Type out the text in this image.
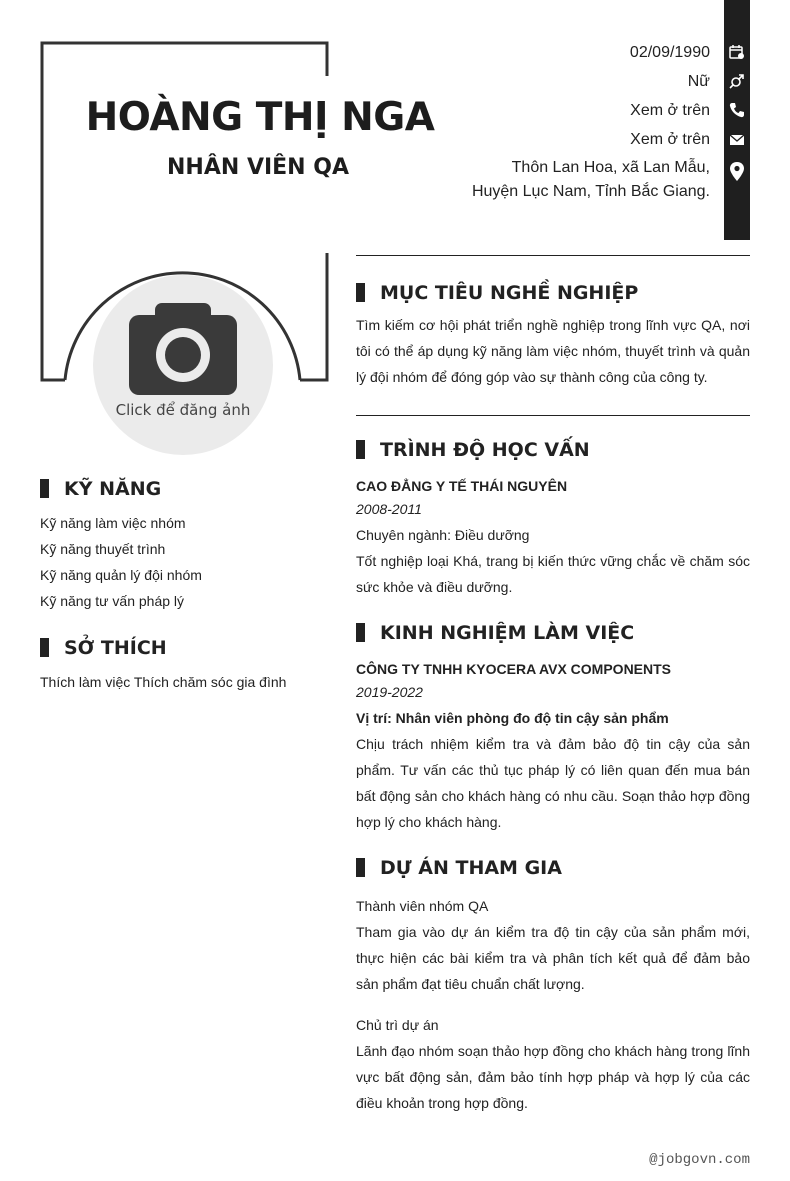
HOÀNG THỊ NGA
NHÂN VIÊN QA
Click để đăng ảnh
02/09/1990
Nữ
Xem ở trên
Xem ở trên
Thôn Lan Hoa, xã Lan Mẫu,
Huyện Lục Nam, Tỉnh Bắc Giang.
KỸ NĂNG
Kỹ năng làm việc nhóm
Kỹ năng thuyết trình
Kỹ năng quản lý đội nhóm
Kỹ năng tư vấn pháp lý
SỞ THÍCH
Thích làm việc Thích chăm sóc gia đình
MỤC TIÊU NGHỀ NGHIỆP
Tìm kiếm cơ hội phát triển nghề nghiệp trong lĩnh vực QA, nơi tôi có thể áp dụng kỹ năng làm việc nhóm, thuyết trình và quản lý đội nhóm để đóng góp vào sự thành công của công ty.
TRÌNH ĐỘ HỌC VẤN
CAO ĐẲNG Y TẾ THÁI NGUYÊN
2008-2011
Chuyên ngành: Điều dưỡng
Tốt nghiệp loại Khá, trang bị kiến thức vững chắc về chăm sóc sức khỏe và điều dưỡng.
KINH NGHIỆM LÀM VIỆC
CÔNG TY TNHH KYOCERA AVX COMPONENTS
2019-2022
Vị trí: Nhân viên phòng đo độ tin cậy sản phẩm
Chịu trách nhiệm kiểm tra và đảm bảo độ tin cậy của sản phẩm. Tư vấn các thủ tục pháp lý có liên quan đến mua bán bất động sản cho khách hàng có nhu cầu. Soạn thảo hợp đồng hợp lý cho khách hàng.
DỰ ÁN THAM GIA
Thành viên nhóm QA
Tham gia vào dự án kiểm tra độ tin cậy của sản phẩm mới, thực hiện các bài kiểm tra và phân tích kết quả để đảm bảo sản phẩm đạt tiêu chuẩn chất lượng.
Chủ trì dự án
Lãnh đạo nhóm soạn thảo hợp đồng cho khách hàng trong lĩnh vực bất động sản, đảm bảo tính hợp pháp và hợp lý của các điều khoản trong hợp đồng.
@jobgovn.com
